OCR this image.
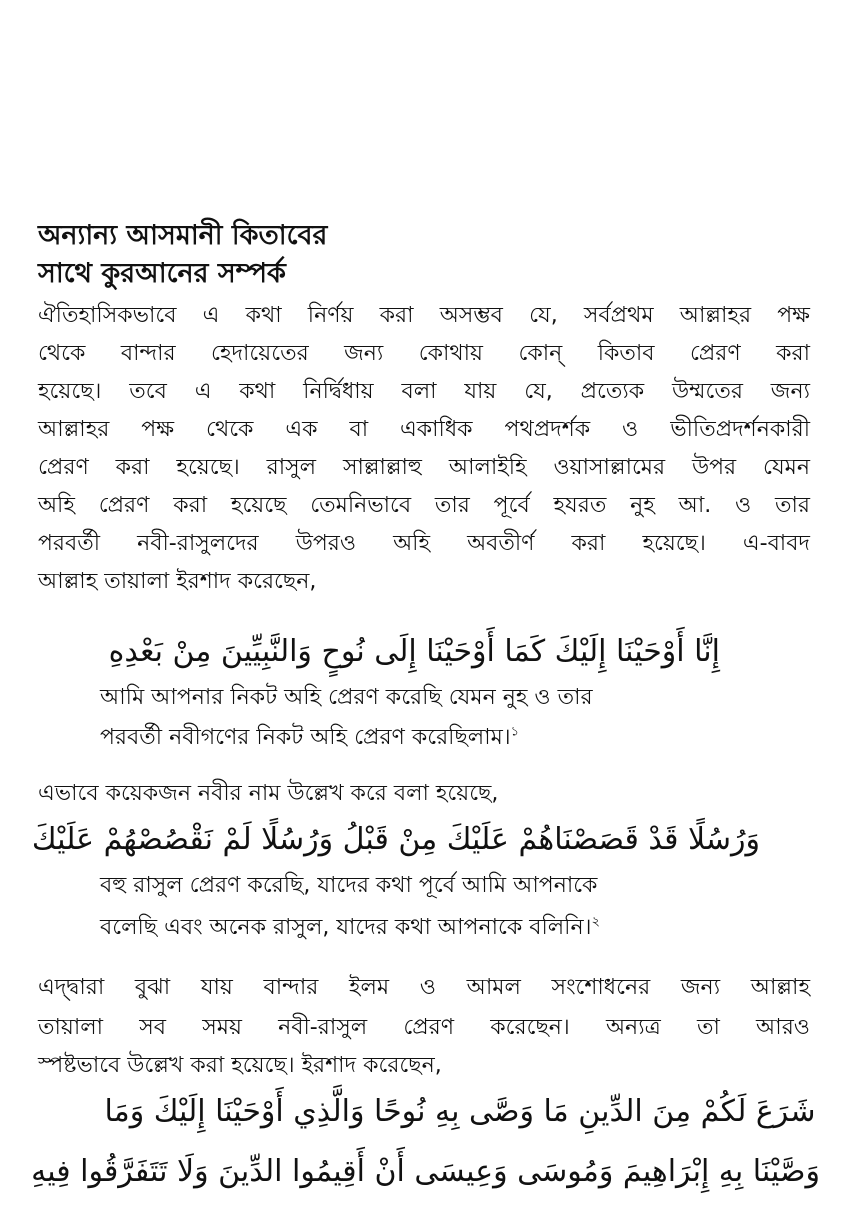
অন্যান্য আসমানী কিতাবের
সাথে কুরআনের সম্পর্ক
ঐতিহাসিকভাবে এ কথা নির্ণয় করা অসম্ভব যে, সর্বপ্রথম আল্লাহর পক্ষ
থেকে বান্দার হেদায়েতের জন্য কোথায় কোন্ কিতাব প্রেরণ করা
হয়েছে। তবে এ কথা নির্দ্বিধায় বলা যায় যে, প্রত্যেক উম্মতের জন্য
আল্লাহর পক্ষ থেকে এক বা একাধিক পথপ্রদর্শক ও ভীতিপ্রদর্শনকারী
প্রেরণ করা হয়েছে। রাসুল সাল্লাল্লাহু আলাইহি ওয়াসাল্লামের উপর যেমন
অহি প্রেরণ করা হয়েছে তেমনিভাবে তার পূর্বে হযরত নুহ আ. ও তার
পরবর্তী নবী-রাসুলদের উপরও অহি অবতীর্ণ করা হয়েছে। এ-বাবদ
আল্লাহ তায়ালা ইরশাদ করেছেন,
إِنَّا أَوْحَيْنَا إِلَيْكَ كَمَا أَوْحَيْنَا إِلَى نُوحٍ وَالنَّبِيِّينَ مِنْ بَعْدِهِ
আমি আপনার নিকট অহি প্রেরণ করেছি যেমন নুহ ও তার
পরবর্তী নবীগণের নিকট অহি প্রেরণ করেছিলাম।$^১$
এভাবে কয়েকজন নবীর নাম উল্লেখ করে বলা হয়েছে,
وَرُسُلًا قَدْ قَصَصْنَاهُمْ عَلَيْكَ مِنْ قَبْلُ وَرُسُلًا لَمْ نَقْصُصْهُمْ عَلَيْكَ
বহু রাসুল প্রেরণ করেছি, যাদের কথা পূর্বে আমি আপনাকে
বলেছি এবং অনেক রাসুল, যাদের কথা আপনাকে বলিনি।$^২$
এদ্দ্বারা বুঝা যায় বান্দার ইলম ও আমল সংশোধনের জন্য আল্লাহ
তায়ালা সব সময় নবী-রাসুল প্রেরণ করেছেন। অন্যত্র তা আরও
স্পষ্টভাবে উল্লেখ করা হয়েছে। ইরশাদ করেছেন,
شَرَعَ لَكُمْ مِنَ الدِّينِ مَا وَصَّى بِهِ نُوحًا وَالَّذِي أَوْحَيْنَا إِلَيْكَ وَمَا
وَصَّيْنَا بِهِ إِبْرَاهِيمَ وَمُوسَى وَعِيسَى أَنْ أَقِيمُوا الدِّينَ وَلَا تَتَفَرَّقُوا فِيهِ
